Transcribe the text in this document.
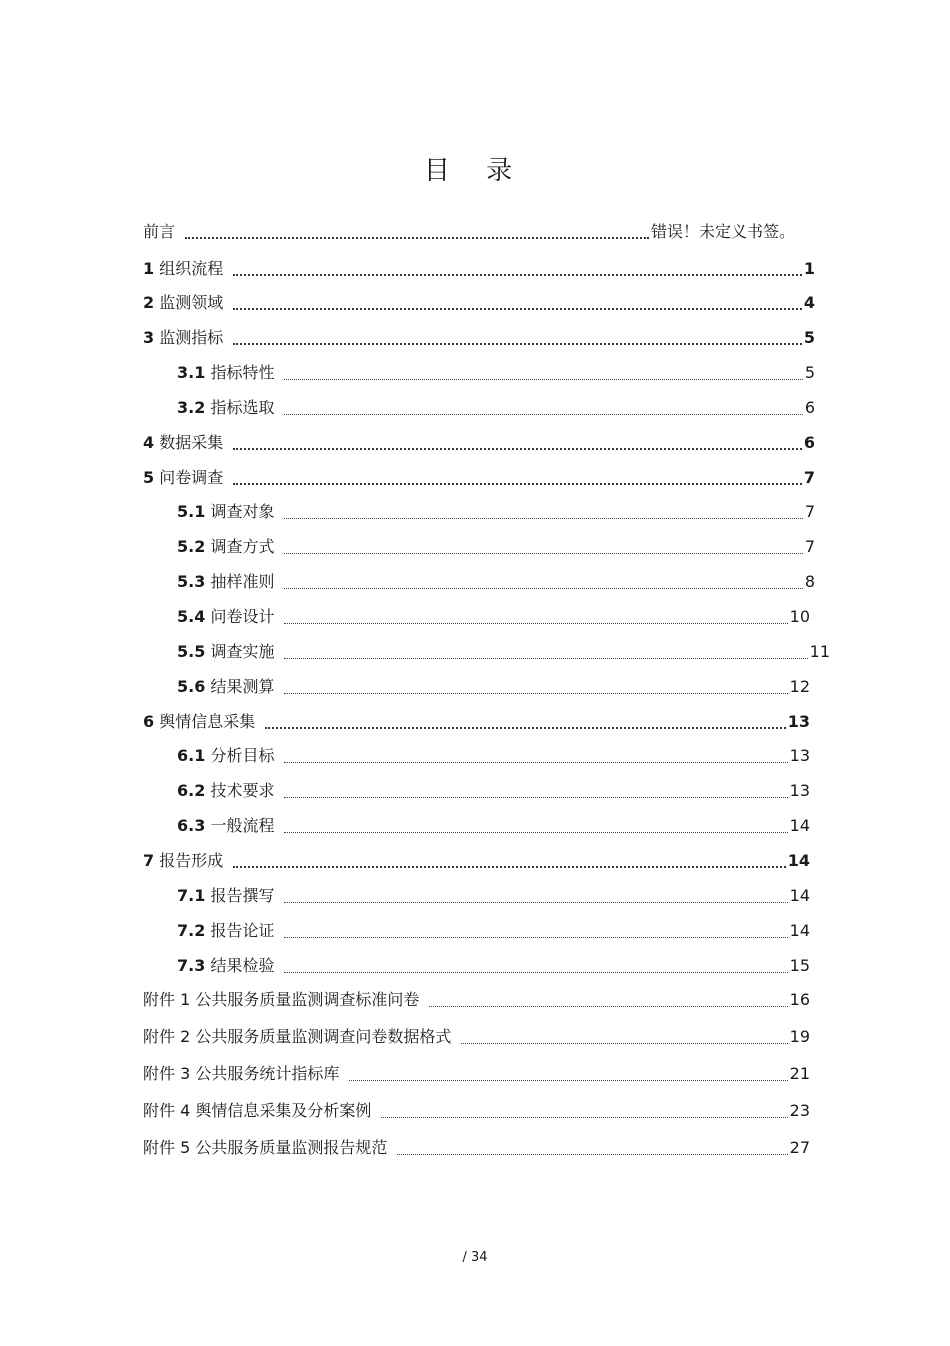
目 录
前言	错误！未定义书签。
1 组织流程	1
2 监测领域	4
3 监测指标	5
3.1 指标特性	5
3.2 指标选取	6
4 数据采集	6
5 问卷调查	7
5.1 调查对象	7
5.2 调查方式	7
5.3 抽样准则	8
5.4 问卷设计	10
5.5 调查实施	11
5.6 结果测算	12
6 舆情信息采集	13
6.1 分析目标	13
6.2 技术要求	13
6.3 一般流程	14
7 报告形成	14
7.1 报告撰写	14
7.2 报告论证	14
7.3 结果检验	15
附件 1 公共服务质量监测调查标准问卷	16
附件 2 公共服务质量监测调查问卷数据格式	19
附件 3 公共服务统计指标库	21
附件 4 舆情信息采集及分析案例	23
附件 5 公共服务质量监测报告规范	27
/ 34
